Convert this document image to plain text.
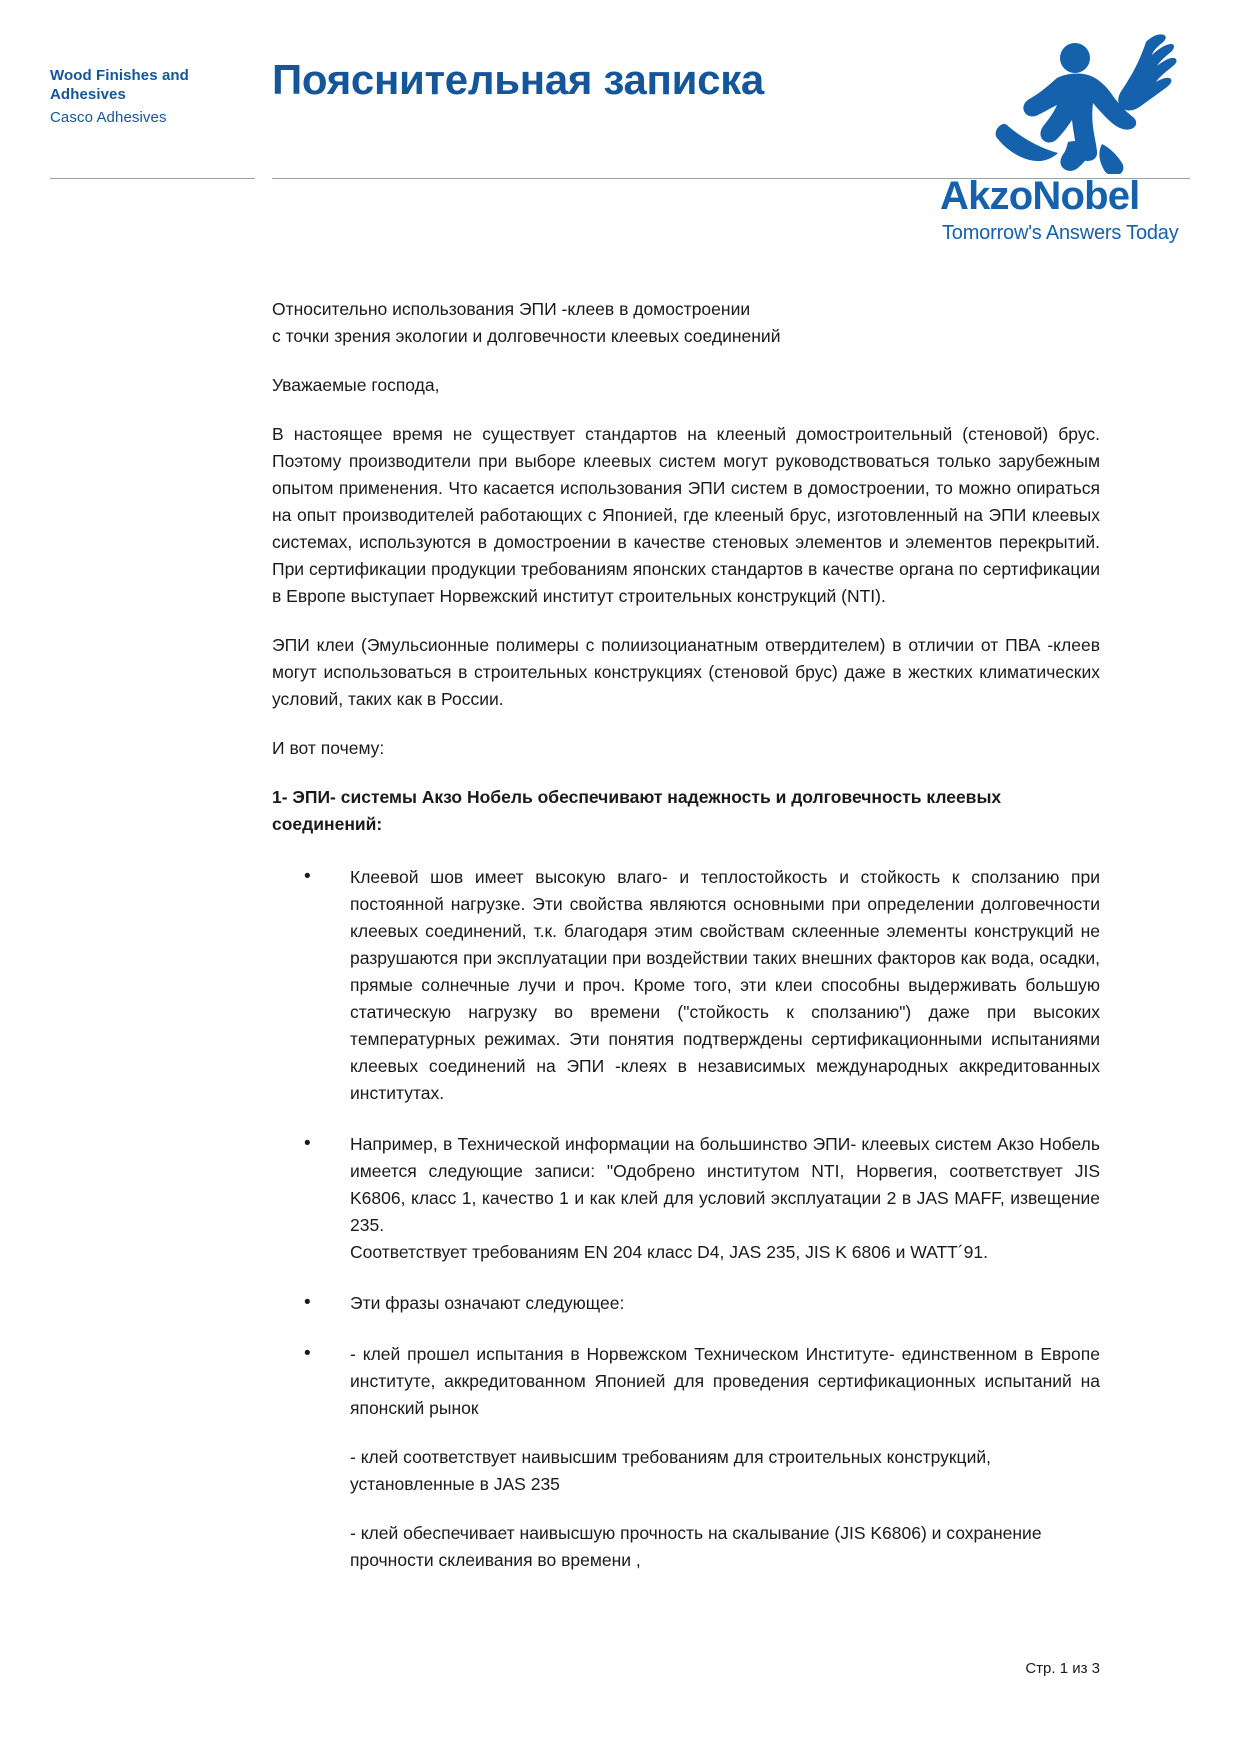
Wood Finishes and Adhesives
Casco Adhesives
Пояснительная записка
AkzoNobel
Tomorrow's Answers Today

Относительно использования ЭПИ -клеев в домостроении

с точки зрения экологии и долговечности клеевых соединений

Уважаемые господа,

В настоящее время не существует стандартов на клееный домостроительный (стеновой) брус. Поэтому производители при выборе клеевых систем могут руководствоваться только зарубежным опытом применения. Что касается использования ЭПИ систем в домостроении, то можно опираться на опыт производителей работающих с Японией, где клееный брус, изготовленный на ЭПИ клеевых системах, используются в домостроении в качестве стеновых элементов и элементов перекрытий. При сертификации продукции требованиям японских стандартов в качестве органа по сертификации в Европе выступает Норвежский институт строительных конструкций (NTI).

ЭПИ клеи (Эмульсионные полимеры с полиизоцианатным отвердителем) в отличии от ПВА -клеев могут использоваться в строительных конструкциях (стеновой брус) даже в жестких климатических условий, таких как в России.

И вот почему:

1- ЭПИ- системы Акзо Нобель обеспечивают надежность и долговечность клеевых соединений:

• Клеевой шов имеет высокую влаго- и теплостойкость и стойкость к сползанию при постоянной нагрузке. Эти свойства являются основными при определении долговечности клеевых соединений, т.к. благодаря этим свойствам склеенные элементы конструкций не разрушаются при эксплуатации при воздействии таких внешних факторов как вода, осадки, прямые солнечные лучи и проч. Кроме того, эти клеи способны выдерживать большую статическую нагрузку во времени ("стойкость к сползанию") даже при высоких температурных режимах. Эти понятия подтверждены сертификационными испытаниями клеевых соединений на ЭПИ -клеях в независимых международных аккредитованных институтах.
• Например, в Технической информации на большинство ЭПИ- клеевых систем Акзо Нобель имеется следующие записи: "Одобрено институтом NTI, Норвегия, соответствует JIS K6806, класс 1, качество 1 и как клей для условий эксплуатации 2 в JAS MAFF, извещение 235.
Соответствует требованиям EN 204 класс D4, JAS 235, JIS K 6806 и WATT´91.
• Эти фразы означают следующее:
• - клей прошел испытания в Норвежском Техническом Институте- единственном в Европе институте, аккредитованном Японией для проведения сертификационных испытаний на японский рынок
- клей соответствует наивысшим требованиям для строительных конструкций, установленные в JAS 235
- клей обеспечивает наивысшую прочность на скалывание (JIS K6806) и сохранение прочности склеивания во времени ,
Стр. 1 из 3
